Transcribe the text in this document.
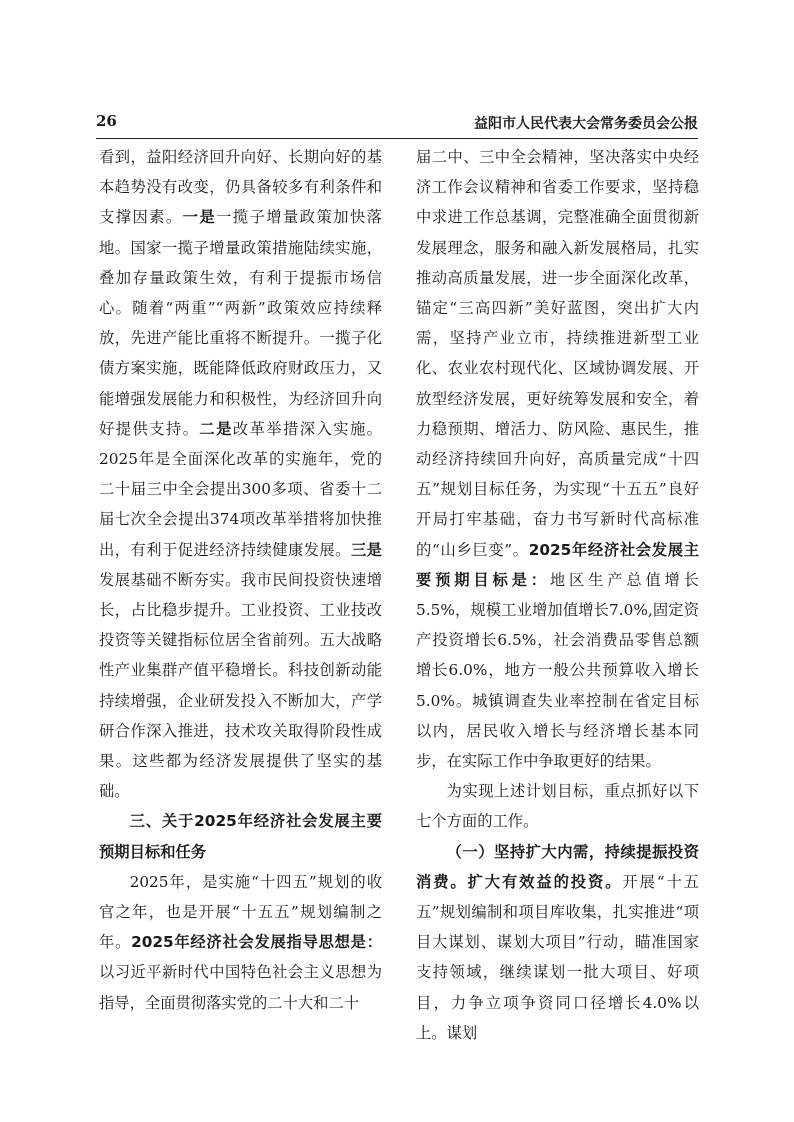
26	益阳市人民代表大会常务委员会公报

看到，益阳经济回升向好、长期向好的基本趋势没有改变，仍具备较多有利条件和支撑因素。一是一揽子增量政策加快落地。国家一揽子增量政策措施陆续实施，叠加存量政策生效，有利于提振市场信心。随着“两重”“两新”政策效应持续释放，先进产能比重将不断提升。一揽子化债方案实施，既能降低政府财政压力，又能增强发展能力和积极性，为经济回升向好提供支持。二是改革举措深入实施。2025年是全面深化改革的实施年，党的二十届三中全会提出300多项、省委十二届七次全会提出374项改革举措将加快推出，有利于促进经济持续健康发展。三是发展基础不断夯实。我市民间投资快速增长，占比稳步提升。工业投资、工业技改投资等关键指标位居全省前列。五大战略性产业集群产值平稳增长。科技创新动能持续增强，企业研发投入不断加大，产学研合作深入推进，技术攻关取得阶段性成果。这些都为经济发展提供了坚实的基础。

三、关于2025年经济社会发展主要预期目标和任务

2025年，是实施“十四五”规划的收官之年，也是开展“十五五”规划编制之年。2025年经济社会发展指导思想是：以习近平新时代中国特色社会主义思想为指导，全面贯彻落实党的二十大和二十

届二中、三中全会精神，坚决落实中央经济工作会议精神和省委工作要求，坚持稳中求进工作总基调，完整准确全面贯彻新发展理念，服务和融入新发展格局，扎实推动高质量发展，进一步全面深化改革，锚定“三高四新”美好蓝图，突出扩大内需，坚持产业立市，持续推进新型工业化、农业农村现代化、区域协调发展、开放型经济发展，更好统筹发展和安全，着力稳预期、增活力、防风险、惠民生，推动经济持续回升向好，高质量完成“十四五”规划目标任务，为实现“十五五”良好开局打牢基础，奋力书写新时代高标准的“山乡巨变”。2025年经济社会发展主要预期目标是：地区生产总值增长5.5%，规模工业增加值增长7.0%,固定资产投资增长6.5%，社会消费品零售总额增长6.0%，地方一般公共预算收入增长5.0%。城镇调查失业率控制在省定目标以内，居民收入增长与经济增长基本同步，在实际工作中争取更好的结果。

为实现上述计划目标，重点抓好以下七个方面的工作。

（一）坚持扩大内需，持续提振投资消费。扩大有效益的投资。开展“十五五”规划编制和项目库收集，扎实推进“项目大谋划、谋划大项目”行动，瞄准国家支持领域，继续谋划一批大项目、好项目，力争立项争资同口径增长4.0%以上。谋划
